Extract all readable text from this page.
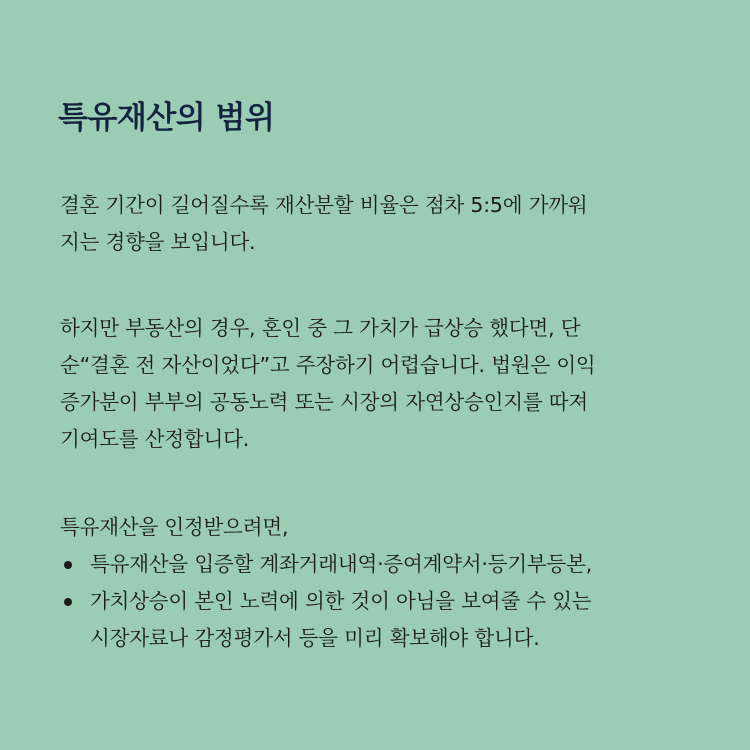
특유재산의 범위

결혼 기간이 길어질수록 재산분할 비율은 점차 5:5에 가까워
지는 경향을 보입니다.

하지만 부동산의 경우, 혼인 중 그 가치가 급상승 했다면, 단
순“결혼 전 자산이었다”고 주장하기 어렵습니다. 법원은 이익
증가분이 부부의 공동노력 또는 시장의 자연상승인지를 따져
기여도를 산정합니다.

특유재산을 인정받으려면,

특유재산을 입증할 계좌거래내역·증여계약서·등기부등본,
가치상승이 본인 노력에 의한 것이 아님을 보여줄 수 있는
시장자료나 감정평가서 등을 미리 확보해야 합니다.
